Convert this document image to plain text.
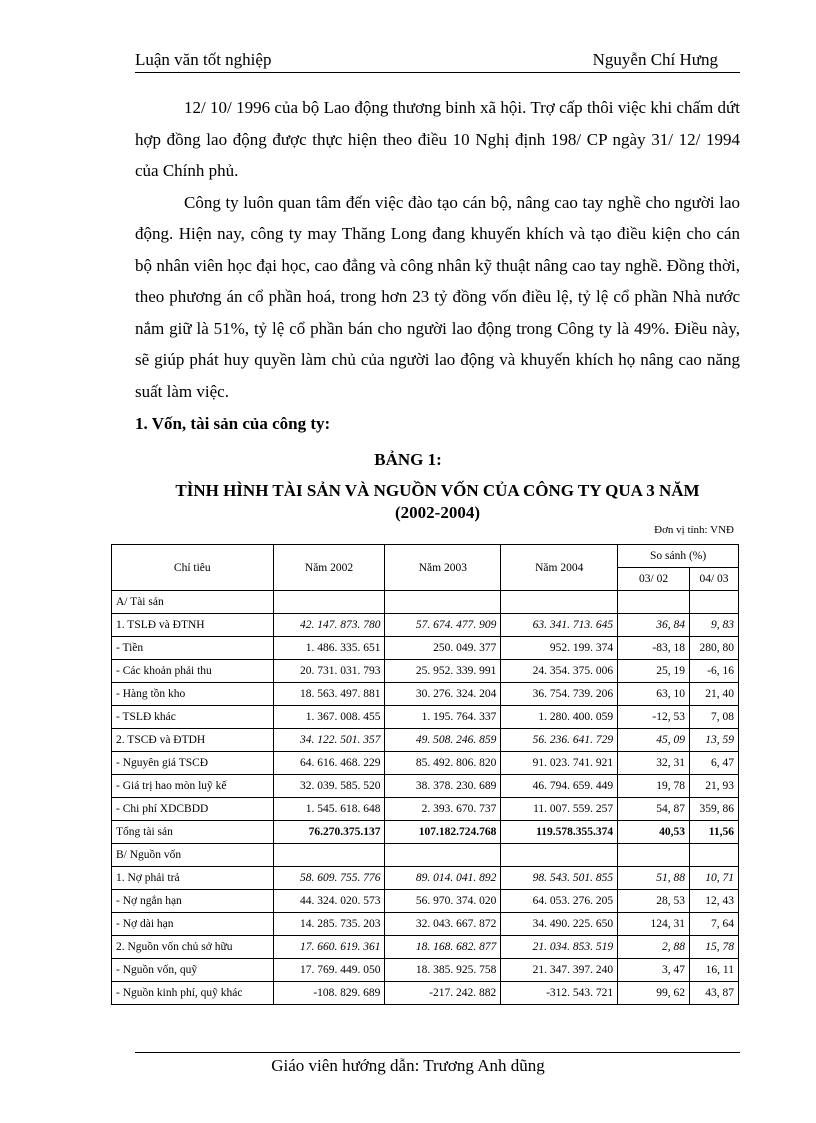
Luận văn tốt nghiệp	Nguyễn Chí Hưng

12/ 10/ 1996 của bộ Lao động thương binh xã hội. Trợ cấp thôi việc khi chấm dứt hợp đồng lao động được thực hiện theo điều 10 Nghị định 198/ CP ngày 31/ 12/ 1994 của Chính phủ.

Công ty luôn quan tâm đến việc đào tạo cán bộ, nâng cao tay nghề cho người lao động. Hiện nay, công ty may Thăng Long đang khuyến khích và tạo điều kiện cho cán bộ nhân viên học đại học, cao đẳng và công nhân kỹ thuật nâng cao tay nghề. Đồng thời, theo phương án cổ phần hoá, trong hơn 23 tỷ đồng vốn điều lệ, tỷ lệ cổ phần Nhà nước nắm giữ là 51%, tỷ lệ cổ phần bán cho người lao động trong Công ty là 49%. Điều này, sẽ giúp phát huy quyền làm chủ của người lao động và khuyến khích họ nâng cao năng suất làm việc.

1. Vốn, tài sản của công ty:
BẢNG 1:
TÌNH HÌNH TÀI SẢN VÀ NGUỒN VỐN CỦA CÔNG TY QUA 3 NĂM
(2002-2004)
Đơn vị tính: VNĐ
Chỉ tiêu	Năm 2002	Năm 2003	Năm 2004	So sánh (%)	
				03/ 02	04/ 03
A/ Tài sản					
1. TSLĐ và ĐTNH	42. 147. 873. 780	57. 674. 477. 909	63. 341. 713. 645	36, 84	9, 83
- Tiền	1. 486. 335. 651	250. 049. 377	952. 199. 374	-83, 18	280, 80
- Các khoản phải thu	20. 731. 031. 793	25. 952. 339. 991	24. 354. 375. 006	25, 19	-6, 16
- Hàng tồn kho	18. 563. 497. 881	30. 276. 324. 204	36. 754. 739. 206	63, 10	21, 40
- TSLĐ khác	1. 367. 008. 455	1. 195. 764. 337	1. 280. 400. 059	-12, 53	7, 08
2. TSCĐ và ĐTDH	34. 122. 501. 357	49. 508. 246. 859	56. 236. 641. 729	45, 09	13, 59
- Nguyên giá TSCĐ	64. 616. 468. 229	85. 492. 806. 820	91. 023. 741. 921	32, 31	6, 47
- Giá trị hao mòn luỹ kế	32. 039. 585. 520	38. 378. 230. 689	46. 794. 659. 449	19, 78	21, 93
- Chi phí XDCBDD	1. 545. 618. 648	2. 393. 670. 737	11. 007. 559. 257	54, 87	359, 86
Tổng tài sản	76.270.375.137	107.182.724.768	119.578.355.374	40,53	11,56
B/ Nguồn vốn					
1. Nợ phải trả	58. 609. 755. 776	89. 014. 041. 892	98. 543. 501. 855	51, 88	10, 71
- Nợ ngắn hạn	44. 324. 020. 573	56. 970. 374. 020	64. 053. 276. 205	28, 53	12, 43
- Nợ dài hạn	14. 285. 735. 203	32. 043. 667. 872	34. 490. 225. 650	124, 31	7, 64
2. Nguồn vốn chủ sở hữu	17. 660. 619. 361	18. 168. 682. 877	21. 034. 853. 519	2, 88	15, 78
- Nguồn vốn, quỹ	17. 769. 449. 050	18. 385. 925. 758	21. 347. 397. 240	3, 47	16, 11
- Nguồn kinh phí, quỹ khác	-108. 829. 689	-217. 242. 882	-312. 543. 721	99, 62	43, 87
Giáo viên hướng dẫn: Trương Anh dũng
